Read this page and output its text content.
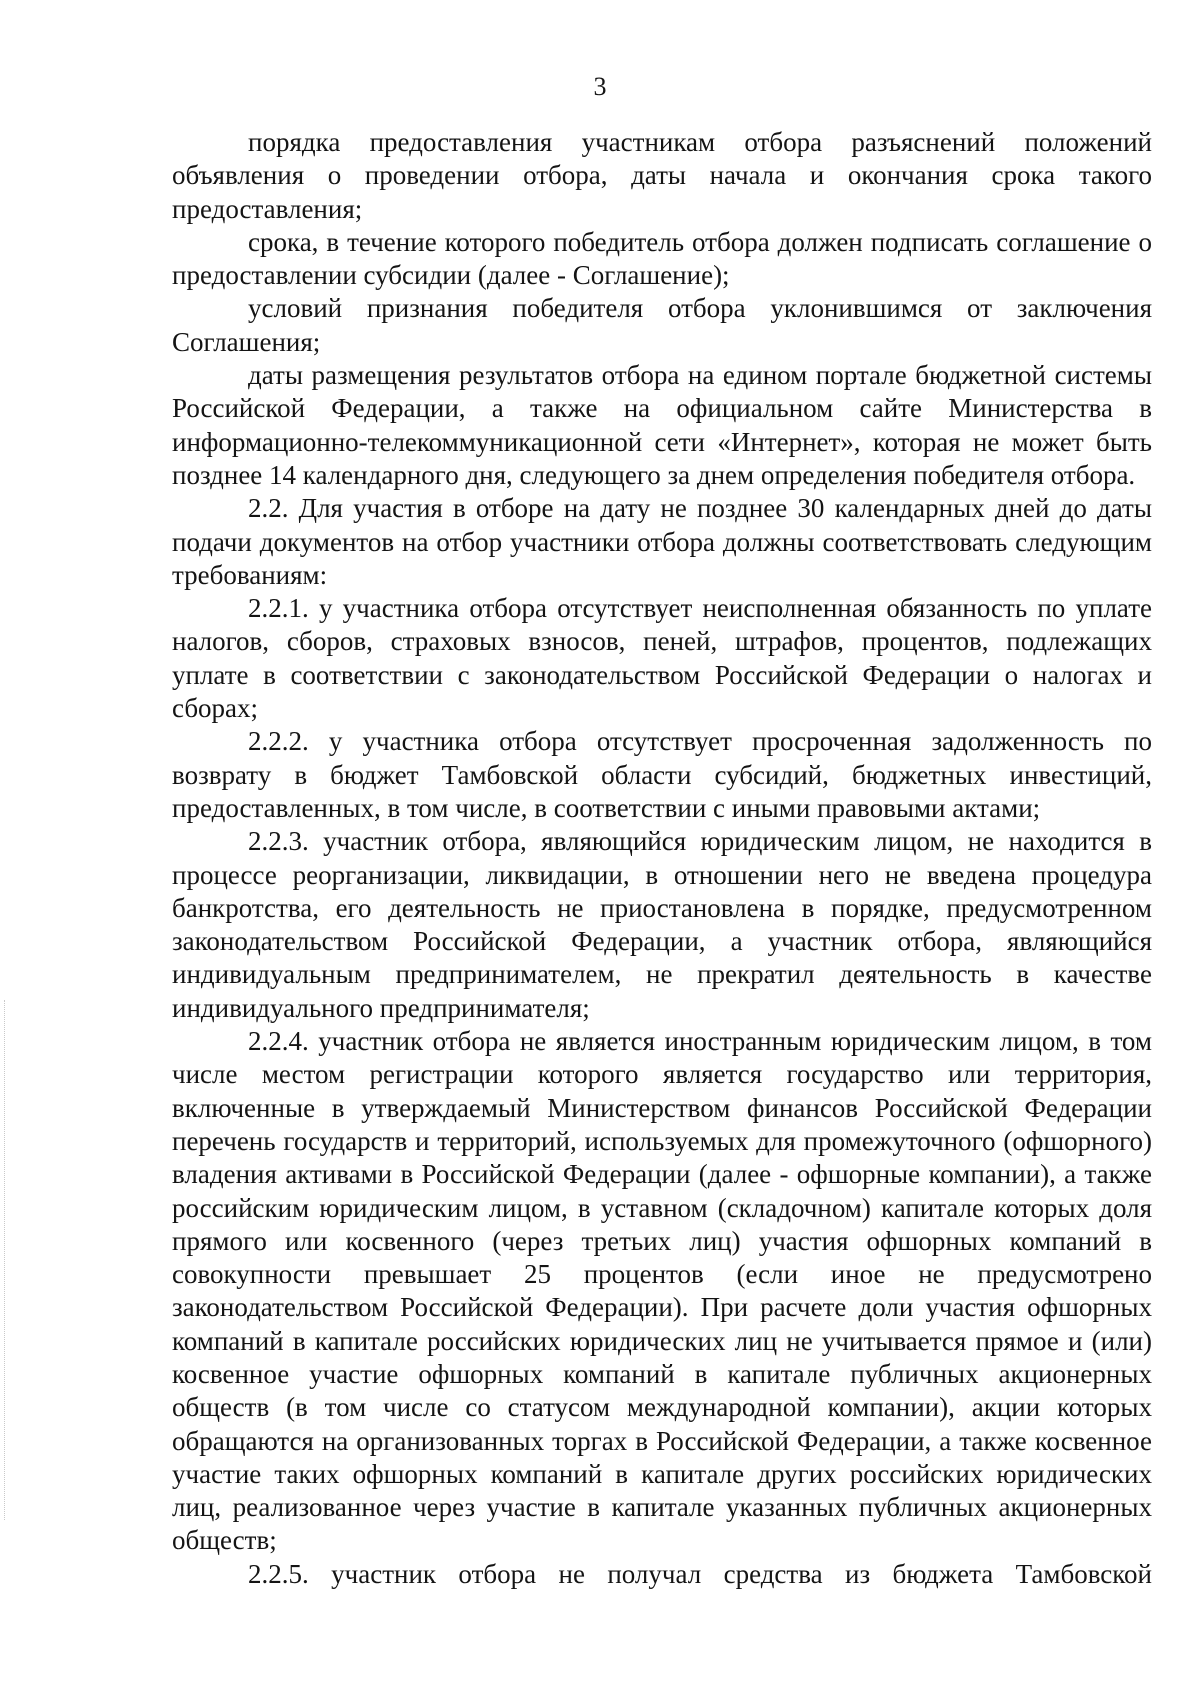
3

порядка предоставления участникам отбора разъяснений положений объявления о проведении отбора, даты начала и окончания срока такого предоставления;

срока, в течение которого победитель отбора должен подписать соглашение о предоставлении субсидии (далее - Соглашение);

условий признания победителя отбора уклонившимся от заключения Соглашения;

даты размещения результатов отбора на едином портале бюджетной системы Российской Федерации, а также на официальном сайте Министерства в информационно-телекоммуникационной сети «Интернет», которая не может быть позднее 14 календарного дня, следующего за днем определения победителя отбора.

2.2. Для участия в отборе на дату не позднее 30 календарных дней до даты подачи документов на отбор участники отбора должны соответствовать следующим требованиям:

2.2.1. у участника отбора отсутствует неисполненная обязанность по уплате налогов, сборов, страховых взносов, пеней, штрафов, процентов, подлежащих уплате в соответствии с законодательством Российской Федерации о налогах и сборах;

2.2.2. у участника отбора отсутствует просроченная задолженность по возврату в бюджет Тамбовской области субсидий, бюджетных инвестиций, предоставленных, в том числе, в соответствии с иными правовыми актами;

2.2.3. участник отбора, являющийся юридическим лицом, не находится в процессе реорганизации, ликвидации, в отношении него не введена процедура банкротства, его деятельность не приостановлена в порядке, предусмотренном законодательством Российской Федерации, а участник отбора, являющийся индивидуальным предпринимателем, не прекратил деятельность в качестве индивидуального предпринимателя;

2.2.4. участник отбора не является иностранным юридическим лицом, в том числе местом регистрации которого является государство или территория, включенные в утверждаемый Министерством финансов Российской Федерации перечень государств и территорий, используемых для промежуточного (офшорного) владения активами в Российской Федерации (далее - офшорные компании), а также российским юридическим лицом, в уставном (складочном) капитале которых доля прямого или косвенного (через третьих лиц) участия офшорных компаний в совокупности превышает 25 процентов (если иное не предусмотрено законодательством Российской Федерации). При расчете доли участия офшорных компаний в капитале российских юридических лиц не учитывается прямое и (или) косвенное участие офшорных компаний в капитале публичных акционерных обществ (в том числе со статусом международной компании), акции которых обращаются на организованных торгах в Российской Федерации, а также косвенное участие таких офшорных компаний в капитале других российских юридических лиц, реализованное через участие в капитале указанных публичных акционерных обществ;

2.2.5. участник отбора не получал средства из бюджета Тамбовской
